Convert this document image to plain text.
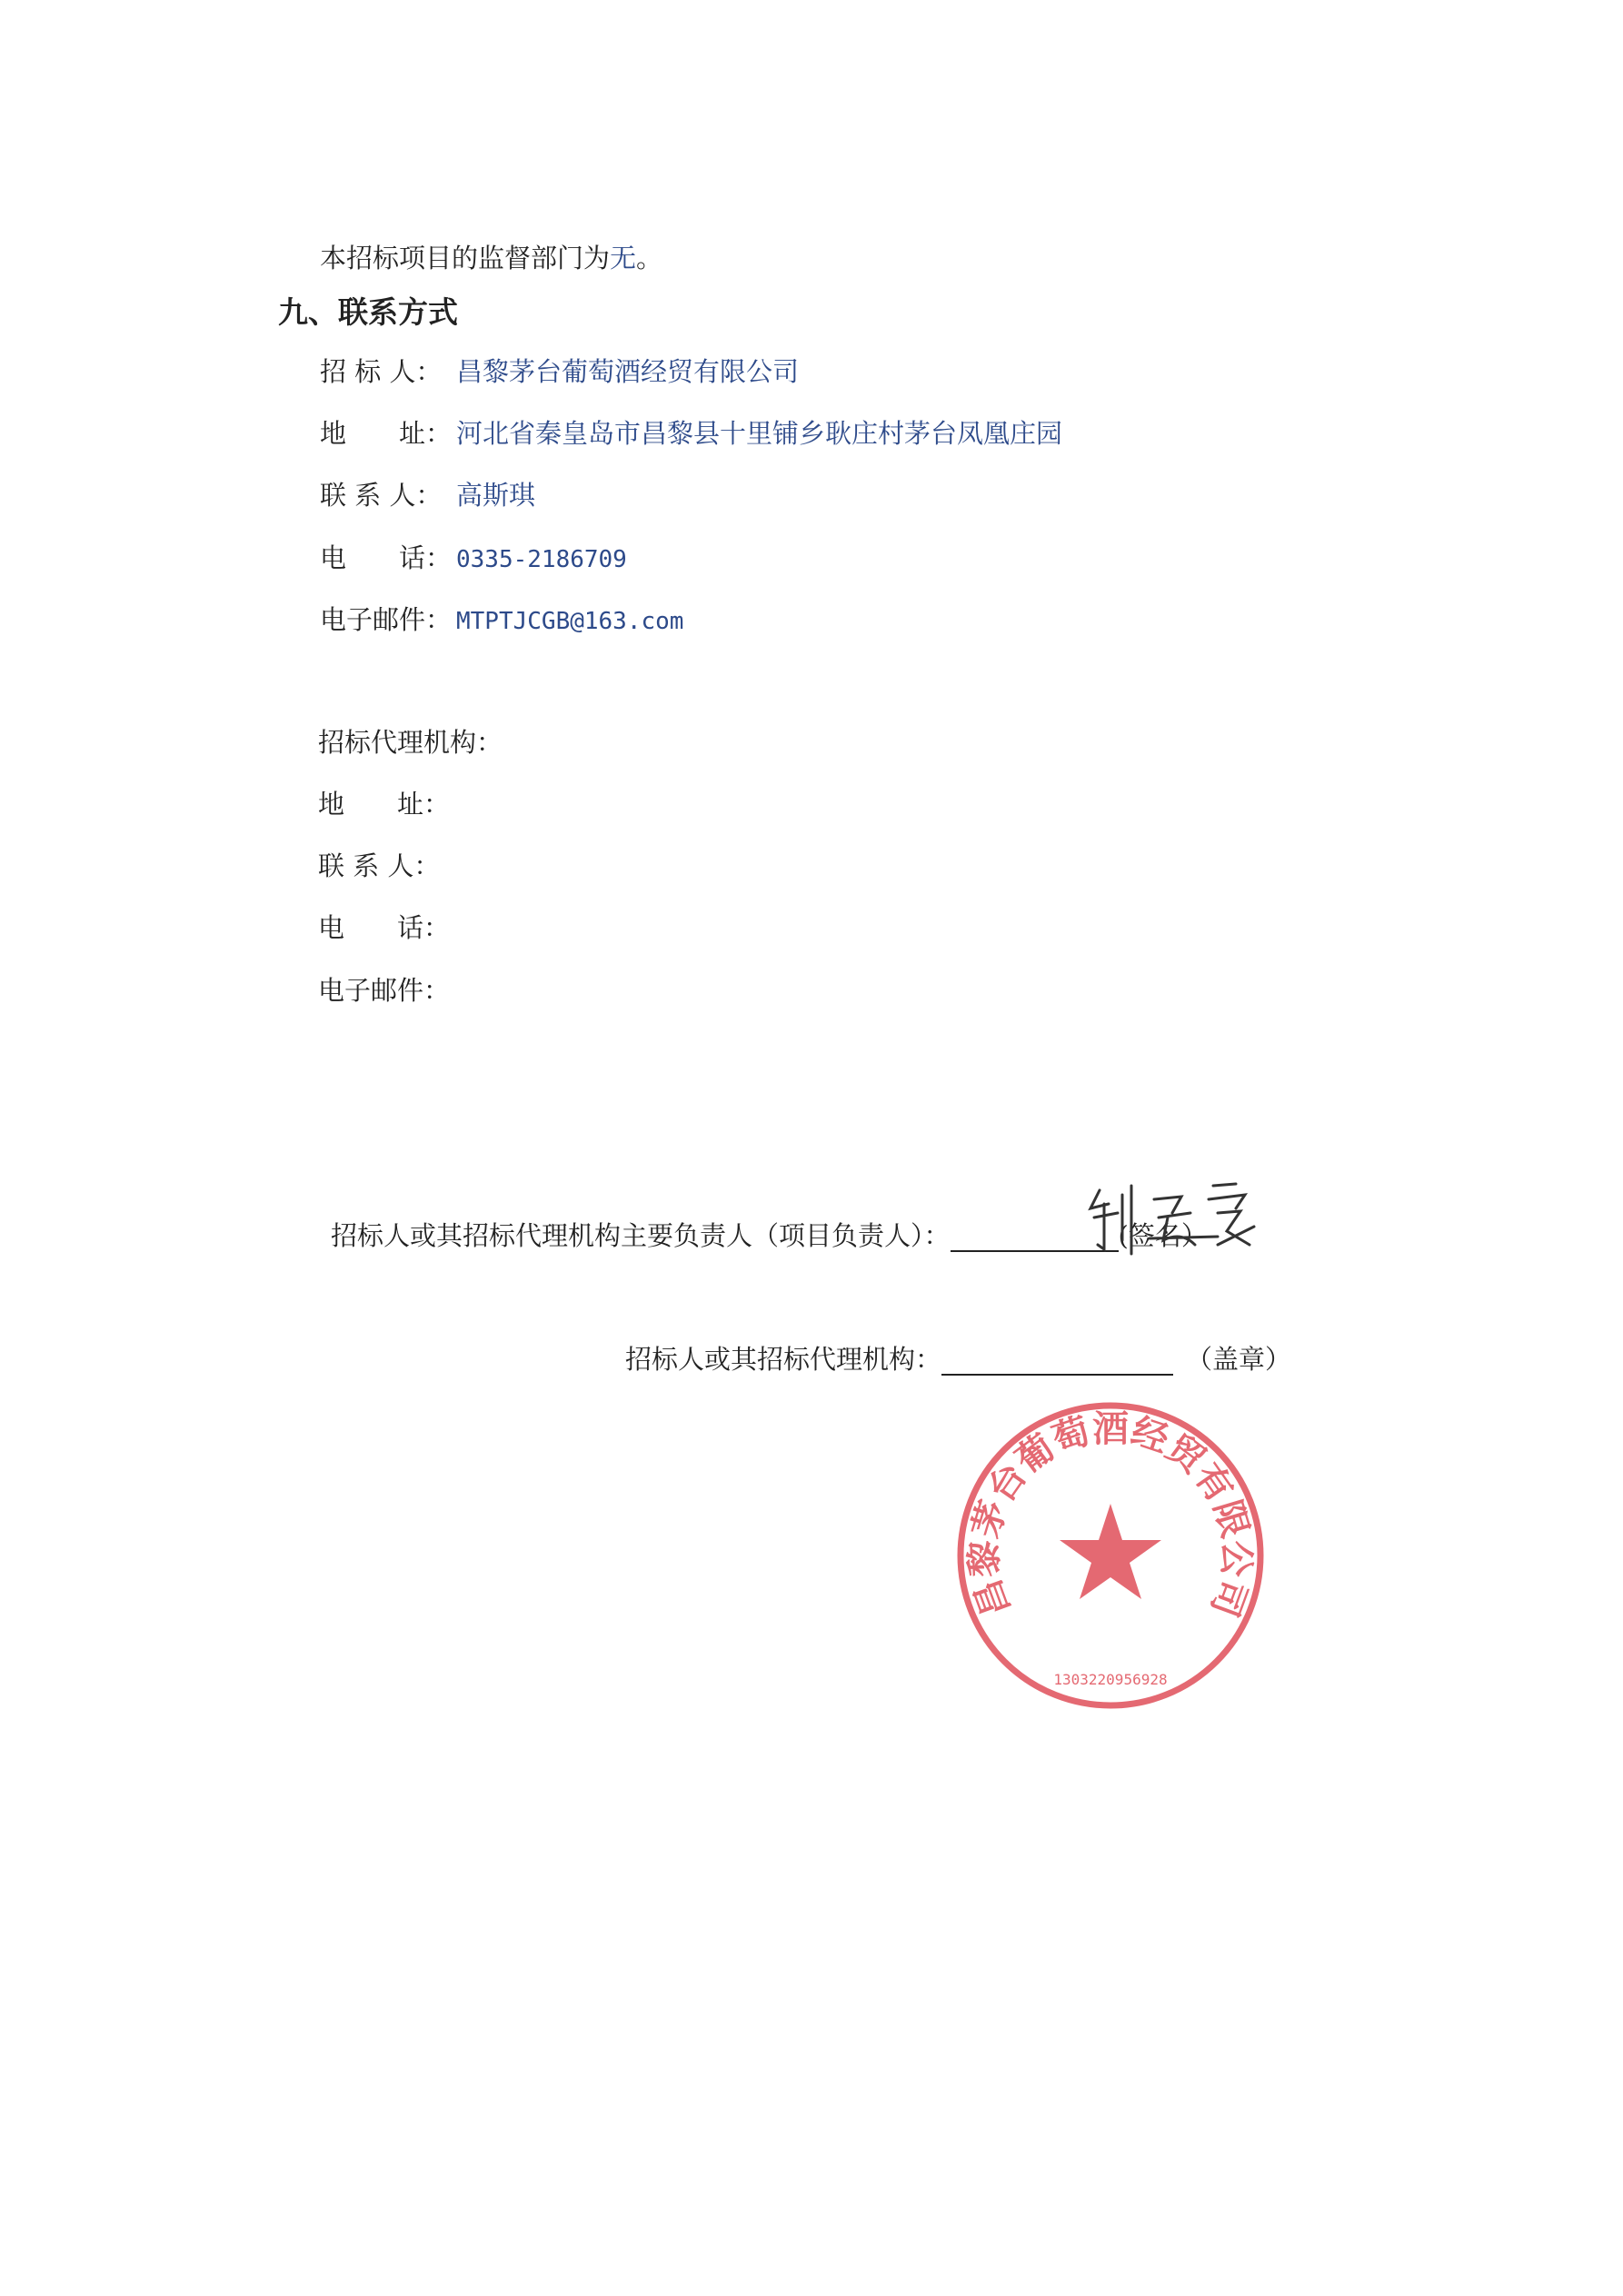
本招标项目的监督部门为无。
九、联系方式
招 标 人： 昌黎茅台葡萄酒经贸有限公司
地　　址： 河北省秦皇岛市昌黎县十里铺乡耿庄村茅台凤凰庄园
联 系 人： 高斯琪
电　　话： 0335-2186709
电子邮件： MTPTJCGB@163.com
招标代理机构：
地　　址：
联 系 人：
电　　话：
电子邮件：
招标人或其招标代理机构主要负责人（项目负责人）：	(签名）
招标人或其招标代理机构：	（盖章）
昌黎茅台葡萄酒经贸有限公司
1303220956928
